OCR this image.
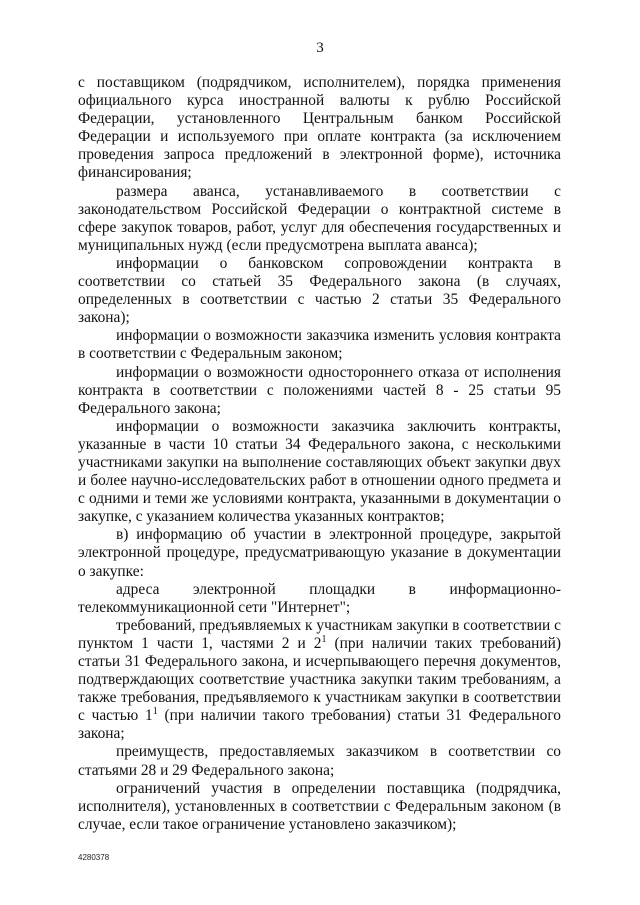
3

с поставщиком (подрядчиком, исполнителем), порядка применения официального курса иностранной валюты к рублю Российской Федерации, установленного Центральным банком Российской Федерации и используемого при оплате контракта (за исключением проведения запроса предложений в электронной форме), источника финансирования;

размера аванса, устанавливаемого в соответствии с законодательством Российской Федерации о контрактной системе в сфере закупок товаров, работ, услуг для обеспечения государственных и муниципальных нужд (если предусмотрена выплата аванса);

информации о банковском сопровождении контракта в соответствии со статьей 35 Федерального закона (в случаях, определенных в соответствии с частью 2 статьи 35 Федерального закона);

информации о возможности заказчика изменить условия контракта в соответствии с Федеральным законом;

информации о возможности одностороннего отказа от исполнения контракта в соответствии с положениями частей 8 - 25 статьи 95 Федерального закона;

информации о возможности заказчика заключить контракты, указанные в части 10 статьи 34 Федерального закона, с несколькими участниками закупки на выполнение составляющих объект закупки двух и более научно-исследовательских работ в отношении одного предмета и с одними и теми же условиями контракта, указанными в документации о закупке, с указанием количества указанных контрактов;

в) информацию об участии в электронной процедуре, закрытой электронной процедуре, предусматривающую указание в документации о закупке:

адреса электронной площадки в информационно-телекоммуникационной сети "Интернет";

требований, предъявляемых к участникам закупки в соответствии с пунктом 1 части 1, частями 2 и $2^1$ (при наличии таких требований) статьи 31 Федерального закона, и исчерпывающего перечня документов, подтверждающих соответствие участника закупки таким требованиям, а также требования, предъявляемого к участникам закупки в соответствии с частью $1^1$ (при наличии такого требования) статьи 31 Федерального закона;

преимуществ, предоставляемых заказчиком в соответствии со статьями 28 и 29 Федерального закона;

ограничений участия в определении поставщика (подрядчика, исполнителя), установленных в соответствии с Федеральным законом (в случае, если такое ограничение установлено заказчиком);

4280378
